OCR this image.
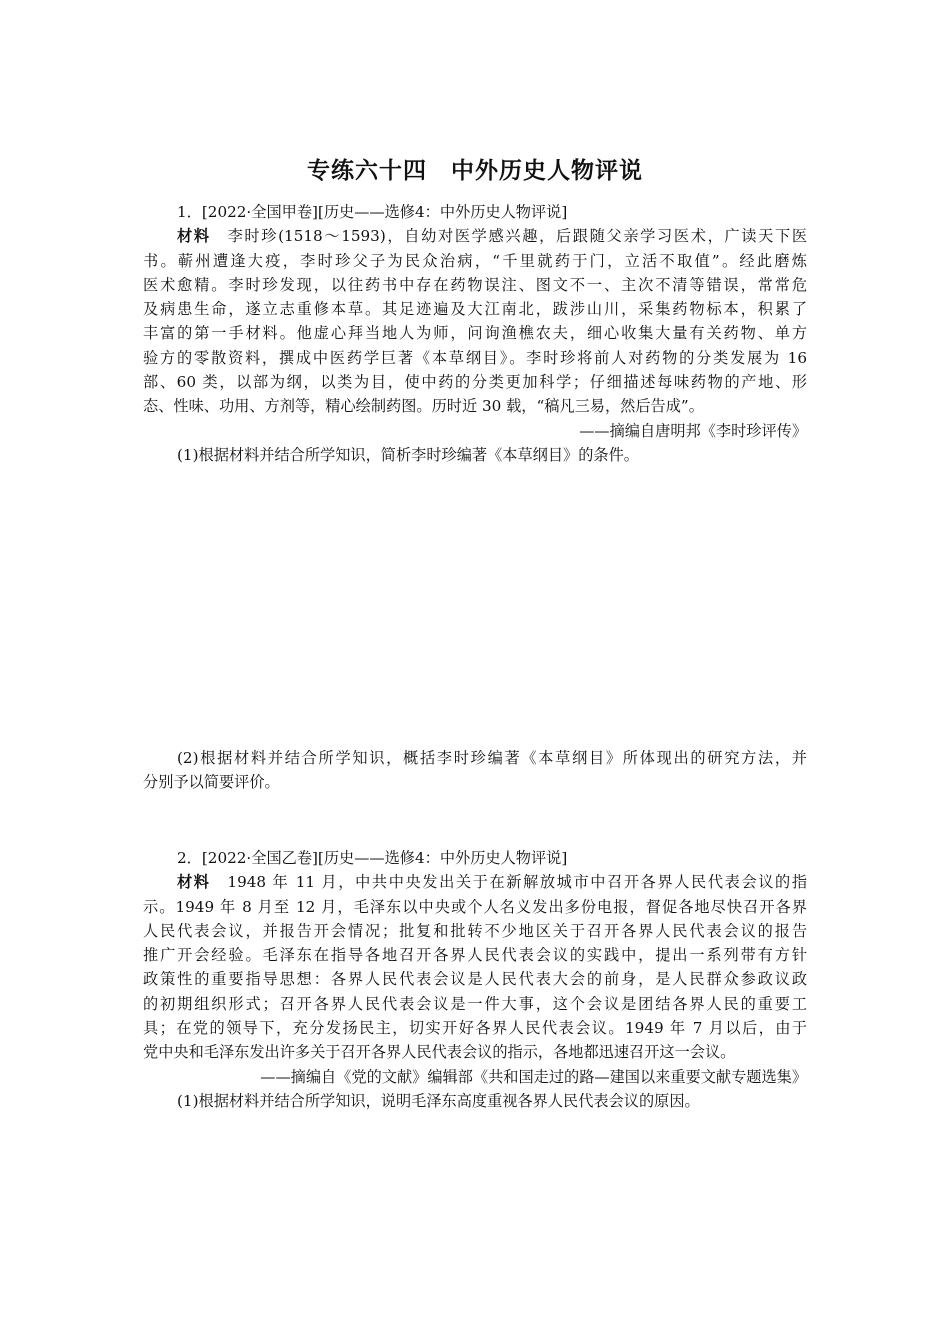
专练六十四　中外历史人物评说
1．[2022·全国甲卷][历史——选修4：中外历史人物评说]
材料　 李时珍(1518～1593)，自幼对医学感兴趣，后跟随父亲学习医术，广读天下医
书。蕲州遭逢大疫，李时珍父子为民众治病，“千里就药于门，立活不取值”。经此磨炼
医术愈精。李时珍发现，以往药书中存在药物误注、图文不一、主次不清等错误，常常危
及病患生命，遂立志重修本草。其足迹遍及大江南北，跋涉山川，采集药物标本，积累了
丰富的第一手材料。他虚心拜当地人为师，问询渔樵农夫，细心收集大量有关药物、单方
验方的零散资料，撰成中医药学巨著《本草纲目》。李时珍将前人对药物的分类发展为 16
部、60 类，以部为纲，以类为目，使中药的分类更加科学；仔细描述每味药物的产地、形
态、性味、功用、方剂等，精心绘制药图。历时近 30 载，“稿凡三易，然后告成”。
——摘编自唐明邦《李时珍评传》
(1)根据材料并结合所学知识，简析李时珍编著《本草纲目》的条件。
(2)根据材料并结合所学知识，概括李时珍编著《本草纲目》所体现出的研究方法，并
分别予以简要评价。
2．[2022·全国乙卷][历史——选修4：中外历史人物评说]
材料　 1948 年 11 月，中共中央发出关于在新解放城市中召开各界人民代表会议的指
示。1949 年 8 月至 12 月，毛泽东以中央或个人名义发出多份电报，督促各地尽快召开各界
人民代表会议，并报告开会情况；批复和批转不少地区关于召开各界人民代表会议的报告
推广开会经验。毛泽东在指导各地召开各界人民代表会议的实践中，提出一系列带有方针
政策性的重要指导思想：各界人民代表会议是人民代表大会的前身，是人民群众参政议政
的初期组织形式；召开各界人民代表会议是一件大事，这个会议是团结各界人民的重要工
具；在党的领导下，充分发扬民主，切实开好各界人民代表会议。1949 年 7 月以后，由于
党中央和毛泽东发出许多关于召开各界人民代表会议的指示，各地都迅速召开这一会议。
——摘编自《党的文献》编辑部《共和国走过的路—建国以来重要文献专题选集》
(1)根据材料并结合所学知识，说明毛泽东高度重视各界人民代表会议的原因。
